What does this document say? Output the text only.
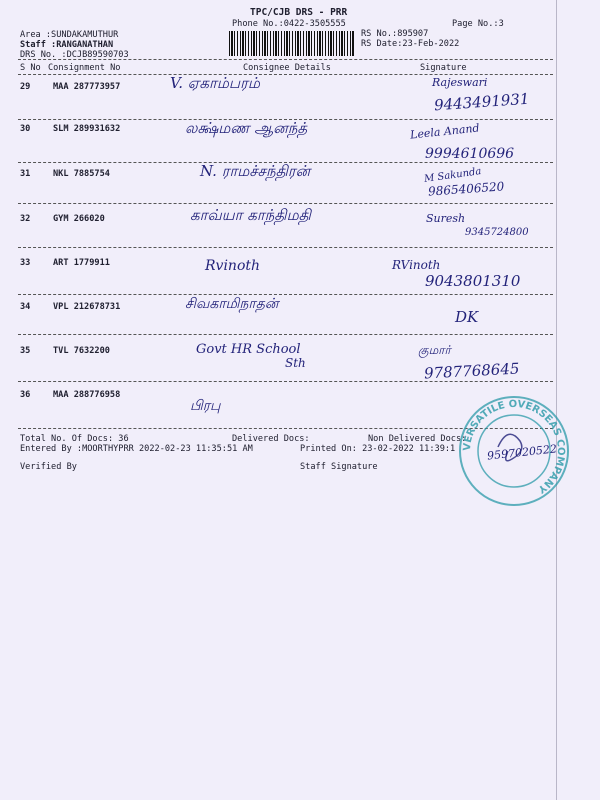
TPC/CJB DRS - PRR
Phone No.:0422-3505555	Page No.:3
Area :SUNDAKAMUTHUR
Staff :RANGANATHAN
DRS No. :DCJB89590703
RS No.:895907
RS Date:23-Feb-2022
S No Consignment No	Consignee Details	Signature
29	MAA 287773957	V. ஏகாம்பரம்	Rajeswari
9443491931
30	SLM 289931632	லக்ஷ்மண ஆனந்த்	Leela Anand
9994610696
31	NKL 7885754	N. ராமச்சந்திரன்	M Sakunda
9865406520
32	GYM 266020	காவ்யா காந்திமதி	Suresh
9345724800
33	ART 1779911	Rvinoth	RVinoth
9043801310
34	VPL 212678731	சிவகாமிநாதன்
DK
35	TVL 7632200	Govt HR School
Sth
குமார்
9787768645
36	MAA 288776958
பிரபு
Total No. Of Docs: 36	Delivered Docs:	Non Delivered Docs:
Entered By :MOORTHYPRR 2022-02-23 11:35:51 AM	Printed On: 23-02-2022 11:39:1
Verified By	Staff Signature
VERSATILE OVERSEAS COMPANY
9597020522
